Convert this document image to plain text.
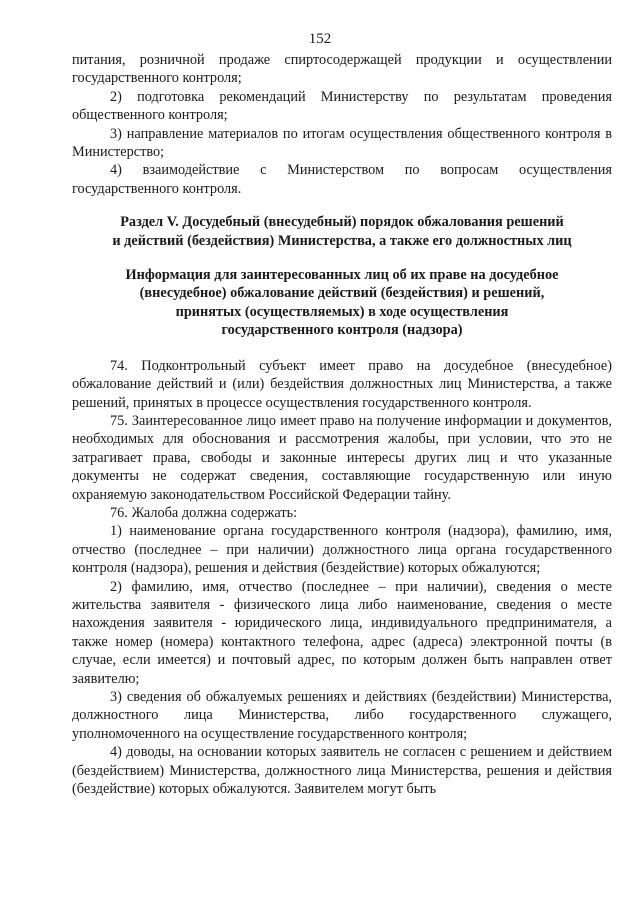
152

питания, розничной продаже спиртосодержащей продукции и осуществлении государственного контроля;

2) подготовка рекомендаций Министерству по результатам проведения общественного контроля;

3) направление материалов по итогам осуществления общественного контроля в Министерство;

4) взаимодействие с Министерством по вопросам осуществления государственного контроля.

Раздел V. Досудебный (внесудебный) порядок обжалования решений
и действий (бездействия) Министерства, а также его должностных лиц
Информация для заинтересованных лиц об их праве на досудебное
(внесудебное) обжалование действий (бездействия) и решений,
принятых (осуществляемых) в ходе осуществления
государственного контроля (надзора)

74. Подконтрольный субъект имеет право на досудебное (внесудебное) обжалование действий и (или) бездействия должностных лиц Министерства, а также решений, принятых в процессе осуществления государственного контроля.

75. Заинтересованное лицо имеет право на получение информации и документов, необходимых для обоснования и рассмотрения жалобы, при условии, что это не затрагивает права, свободы и законные интересы других лиц и что указанные документы не содержат сведения, составляющие государственную или иную охраняемую законодательством Российской Федерации тайну.

76. Жалоба должна содержать:

1) наименование органа государственного контроля (надзора), фамилию, имя, отчество (последнее – при наличии) должностного лица органа государственного контроля (надзора), решения и действия (бездействие) которых обжалуются;

2) фамилию, имя, отчество (последнее – при наличии), сведения о месте жительства заявителя - физического лица либо наименование, сведения о месте нахождения заявителя - юридического лица, индивидуального предпринимателя, а также номер (номера) контактного телефона, адрес (адреса) электронной почты (в случае, если имеется) и почтовый адрес, по которым должен быть направлен ответ заявителю;

3) сведения об обжалуемых решениях и действиях (бездействии) Министерства, должностного лица Министерства, либо государственного служащего, уполномоченного на осуществление государственного контроля;

4) доводы, на основании которых заявитель не согласен с решением и действием (бездействием) Министерства, должностного лица Министерства, решения и действия (бездействие) которых обжалуются. Заявителем могут быть
